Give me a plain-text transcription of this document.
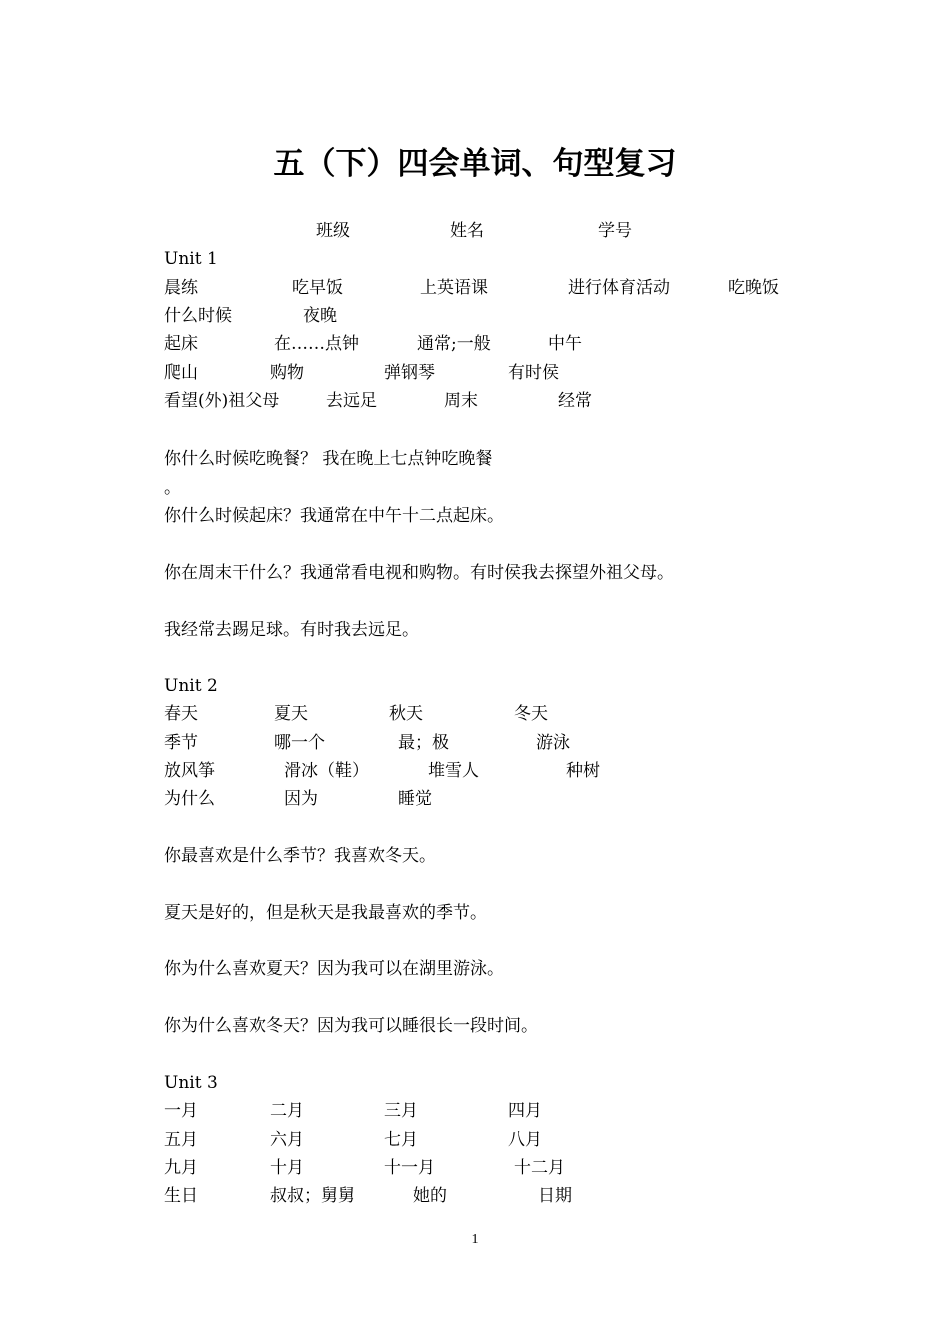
五（下）四会单词、句型复习
班级	姓名	学号
Unit 1
晨练	吃早饭	上英语课	进行体育活动	吃晚饭
什么时候	夜晚
起床	在……点钟	通常;一般	中午
爬山	购物	弹钢琴	有时侯
看望(外)祖父母	去远足	周末	经常
你什么时候吃晚餐？ 我在晚上七点钟吃晚餐
。
你什么时候起床？我通常在中午十二点起床。
你在周末干什么？我通常看电视和购物。有时侯我去探望外祖父母。
我经常去踢足球。有时我去远足。
Unit 2
春天	夏天	秋天	冬天
季节	哪一个	最；极	游泳
放风筝	滑冰（鞋）	堆雪人	种树
为什么	因为	睡觉
你最喜欢是什么季节？我喜欢冬天。
夏天是好的，但是秋天是我最喜欢的季节。
你为什么喜欢夏天？因为我可以在湖里游泳。
你为什么喜欢冬天？因为我可以睡很长一段时间。
Unit 3
一月	二月	三月	四月
五月	六月	七月	八月
九月	十月	十一月	十二月
生日	叔叔；舅舅	她的	日期
1
